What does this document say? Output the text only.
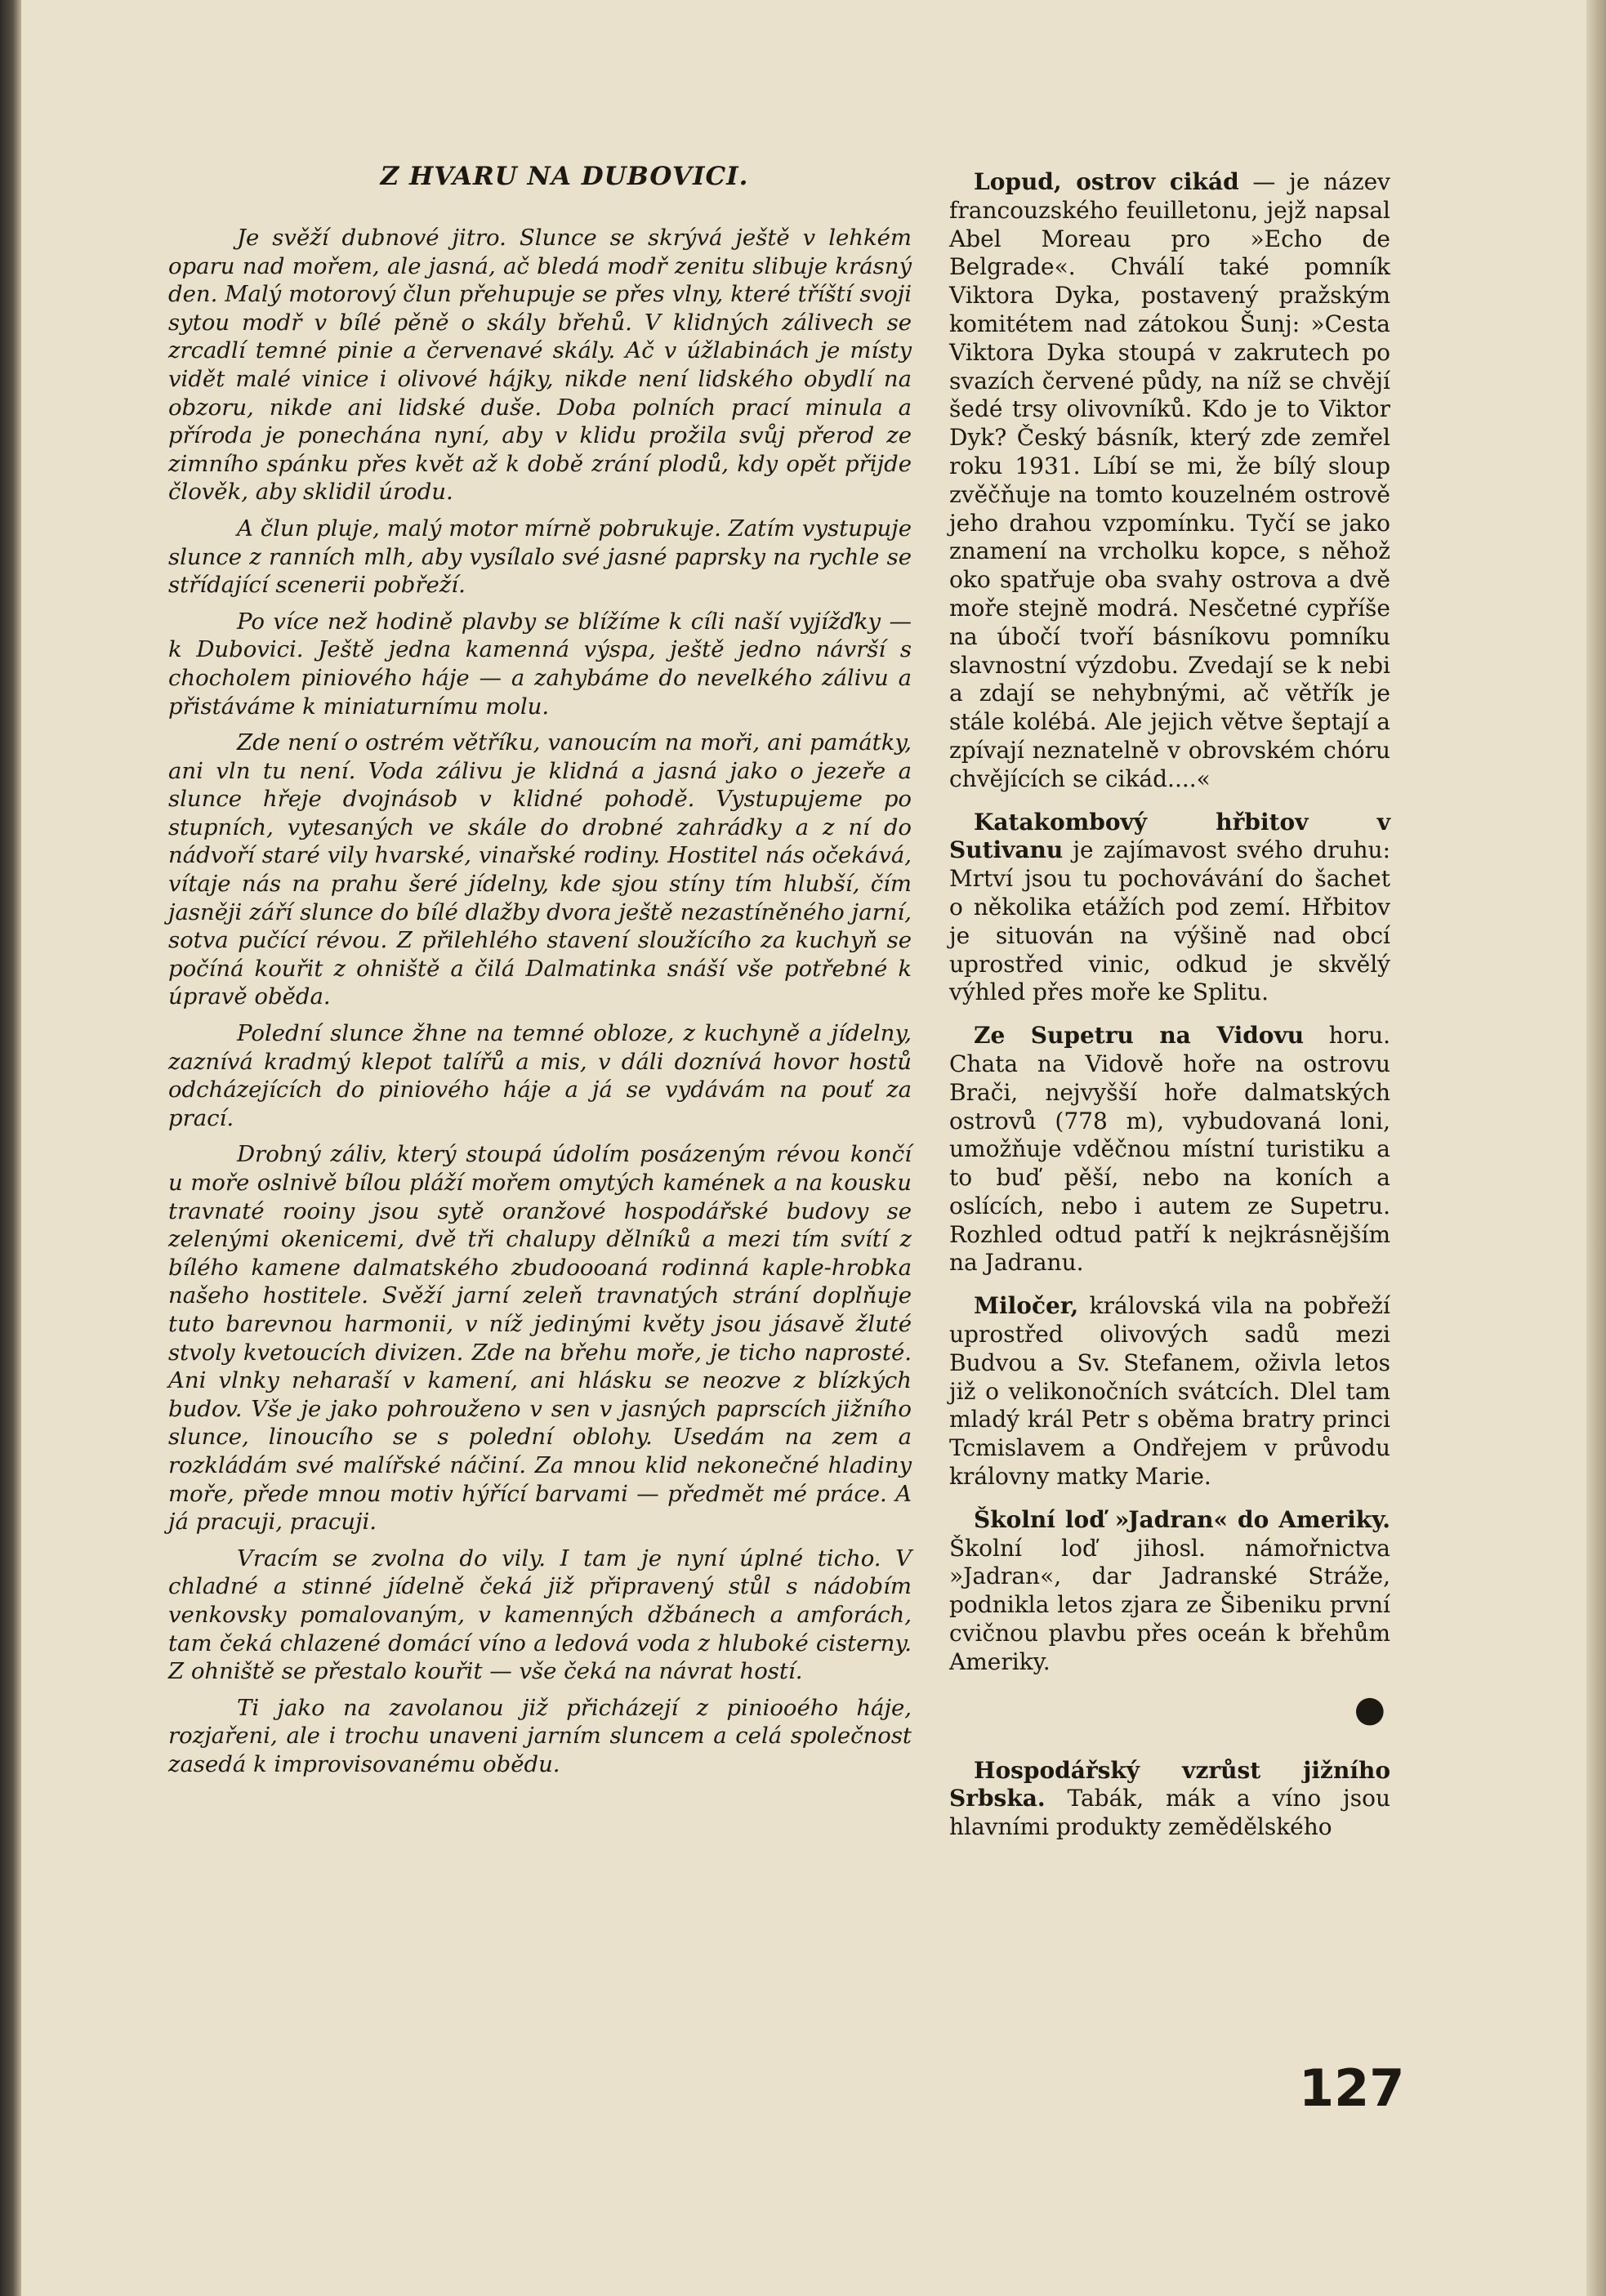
Z HVARU NA DUBOVICI.

Je svěží dubnové jitro. Slunce se skrývá ještě v lehkém oparu nad mořem, ale jasná, ač bledá modř zenitu slibuje krásný den. Malý motorový člun přehupuje se přes vlny, které tříští svoji sytou modř v bílé pěně o skály břehů. V klidných zálivech se zrcadlí temné pinie a červenavé skály. Ač v úžlabinách je místy vidět malé vinice i olivové hájky, nikde není lidského obydlí na obzoru, nikde ani lidské duše. Doba polních prací minula a příroda je ponechána nyní, aby v klidu prožila svůj přerod ze zimního spánku přes květ až k době zrání plodů, kdy opět přijde člověk, aby sklidil úrodu.

A člun pluje, malý motor mírně pobrukuje. Zatím vystupuje slunce z ranních mlh, aby vysílalo své jasné paprsky na rychle se střídající scenerii pobřeží.

Po více než hodině plavby se blížíme k cíli naší vyjížďky — k Dubovici. Ještě jedna kamenná výspa, ještě jedno návrší s chocholem piniového háje — a zahybáme do nevelkého zálivu a přistáváme k miniaturnímu molu.

Zde není o ostrém větříku, vanoucím na moři, ani památky, ani vln tu není. Voda zálivu je klidná a jasná jako o jezeře a slunce hřeje dvojnásob v klidné pohodě. Vystupujeme po stupních, vytesaných ve skále do drobné zahrádky a z ní do nádvoří staré vily hvarské, vinařské rodiny. Hostitel nás očekává, vítaje nás na prahu šeré jídelny, kde sjou stíny tím hlubší, čím jasněji září slunce do bílé dlažby dvora ještě nezastíněného jarní, sotva pučící révou. Z přilehlého stavení sloužícího za kuchyň se počíná kouřit z ohniště a čilá Dalmatinka snáší vše potřebné k úpravě oběda.

Polední slunce žhne na temné obloze, z kuchyně a jídelny, zaznívá kradmý klepot talířů a mis, v dáli doznívá hovor hostů odcházejících do piniového háje a já se vydávám na pouť za prací.

Drobný záliv, který stoupá údolím posázeným révou končí u moře oslnivě bílou pláží mořem omytých kamének a na kousku travnaté rooiny jsou sytě oranžové hospodářské budovy se zelenými okenicemi, dvě tři chalupy dělníků a mezi tím svítí z bílého kamene dalmatského zbudoooaná rodinná kaple-hrobka našeho hostitele. Svěží jarní zeleň travnatých strání doplňuje tuto barevnou harmonii, v níž jedinými květy jsou jásavě žluté stvoly kvetoucích divizen. Zde na břehu moře, je ticho naprosté. Ani vlnky neharaší v kamení, ani hlásku se neozve z blízkých budov. Vše je jako pohrouženo v sen v jasných paprscích jižního slunce, linoucího se s polední oblohy. Usedám na zem a rozkládám své malířské náčiní. Za mnou klid nekonečné hladiny moře, přede mnou motiv hýřící barvami — předmět mé práce. A já pracuji, pracuji.

Vracím se zvolna do vily. I tam je nyní úplné ticho. V chladné a stinné jídelně čeká již připravený stůl s nádobím venkovsky pomalovaným, v kamenných džbánech a amforách, tam čeká chlazené domácí víno a ledová voda z hluboké cisterny. Z ohniště se přestalo kouřit — vše čeká na návrat hostí.

Ti jako na zavolanou již přicházejí z piniooého háje, rozjařeni, ale i trochu unaveni jarním sluncem a celá společnost zasedá k improvisovanému obědu.

Lopud, ostrov cikád — je název francouzského feuilletonu, jejž napsal Abel Moreau pro »Echo de Belgrade«. Chválí také pomník Viktora Dyka, postavený pražským komitétem nad zátokou Šunj: »Cesta Viktora Dyka stoupá v zakrutech po svazích červené půdy, na níž se chvějí šedé trsy olivovníků. Kdo je to Viktor Dyk? Český básník, který zde zemřel roku 1931. Líbí se mi, že bílý sloup zvěčňuje na tomto kouzelném ostrově jeho drahou vzpomínku. Tyčí se jako znamení na vrcholku kopce, s něhož oko spatřuje oba svahy ostrova a dvě moře stejně modrá. Nesčetné cypříše na úbočí tvoří básníkovu pomníku slavnostní výzdobu. Zvedají se k nebi a zdají se nehybnými, ač větřík je stále kolébá. Ale jejich větve šeptají a zpívají neznatelně v obrovském chóru chvějících se cikád....«

Katakombový hřbitov v Sutivanu je zajímavost svého druhu: Mrtví jsou tu pochovávání do šachet o několika etážích pod zemí. Hřbitov je situován na výšině nad obcí uprostřed vinic, odkud je skvělý výhled přes moře ke Splitu.

Ze Supetru na Vidovu horu. Chata na Vidově hoře na ostrovu Brači, nejvyšší hoře dalmatských ostrovů (778 m), vybudovaná loni, umožňuje vděčnou místní turistiku a to buď pěší, nebo na koních a oslících, nebo i autem ze Supetru. Rozhled odtud patří k nejkrásnějším na Jadranu.

Miločer, královská vila na pobřeží uprostřed olivových sadů mezi Budvou a Sv. Stefanem, oživla letos již o velikonočních svátcích. Dlel tam mladý král Petr s oběma bratry princi Tcmislavem a Ondřejem v průvodu královny matky Marie.

Školní loď »Jadran« do Ameriky. Školní loď jihosl. námořnictva »Jadran«, dar Jadranské Stráže, podnikla letos zjara ze Šibeniku první cvičnou plavbu přes oceán k břehům Ameriky.

●

Hospodářský vzrůst jižního Srbska. Tabák, mák a víno jsou hlavními produkty zemědělského

127
